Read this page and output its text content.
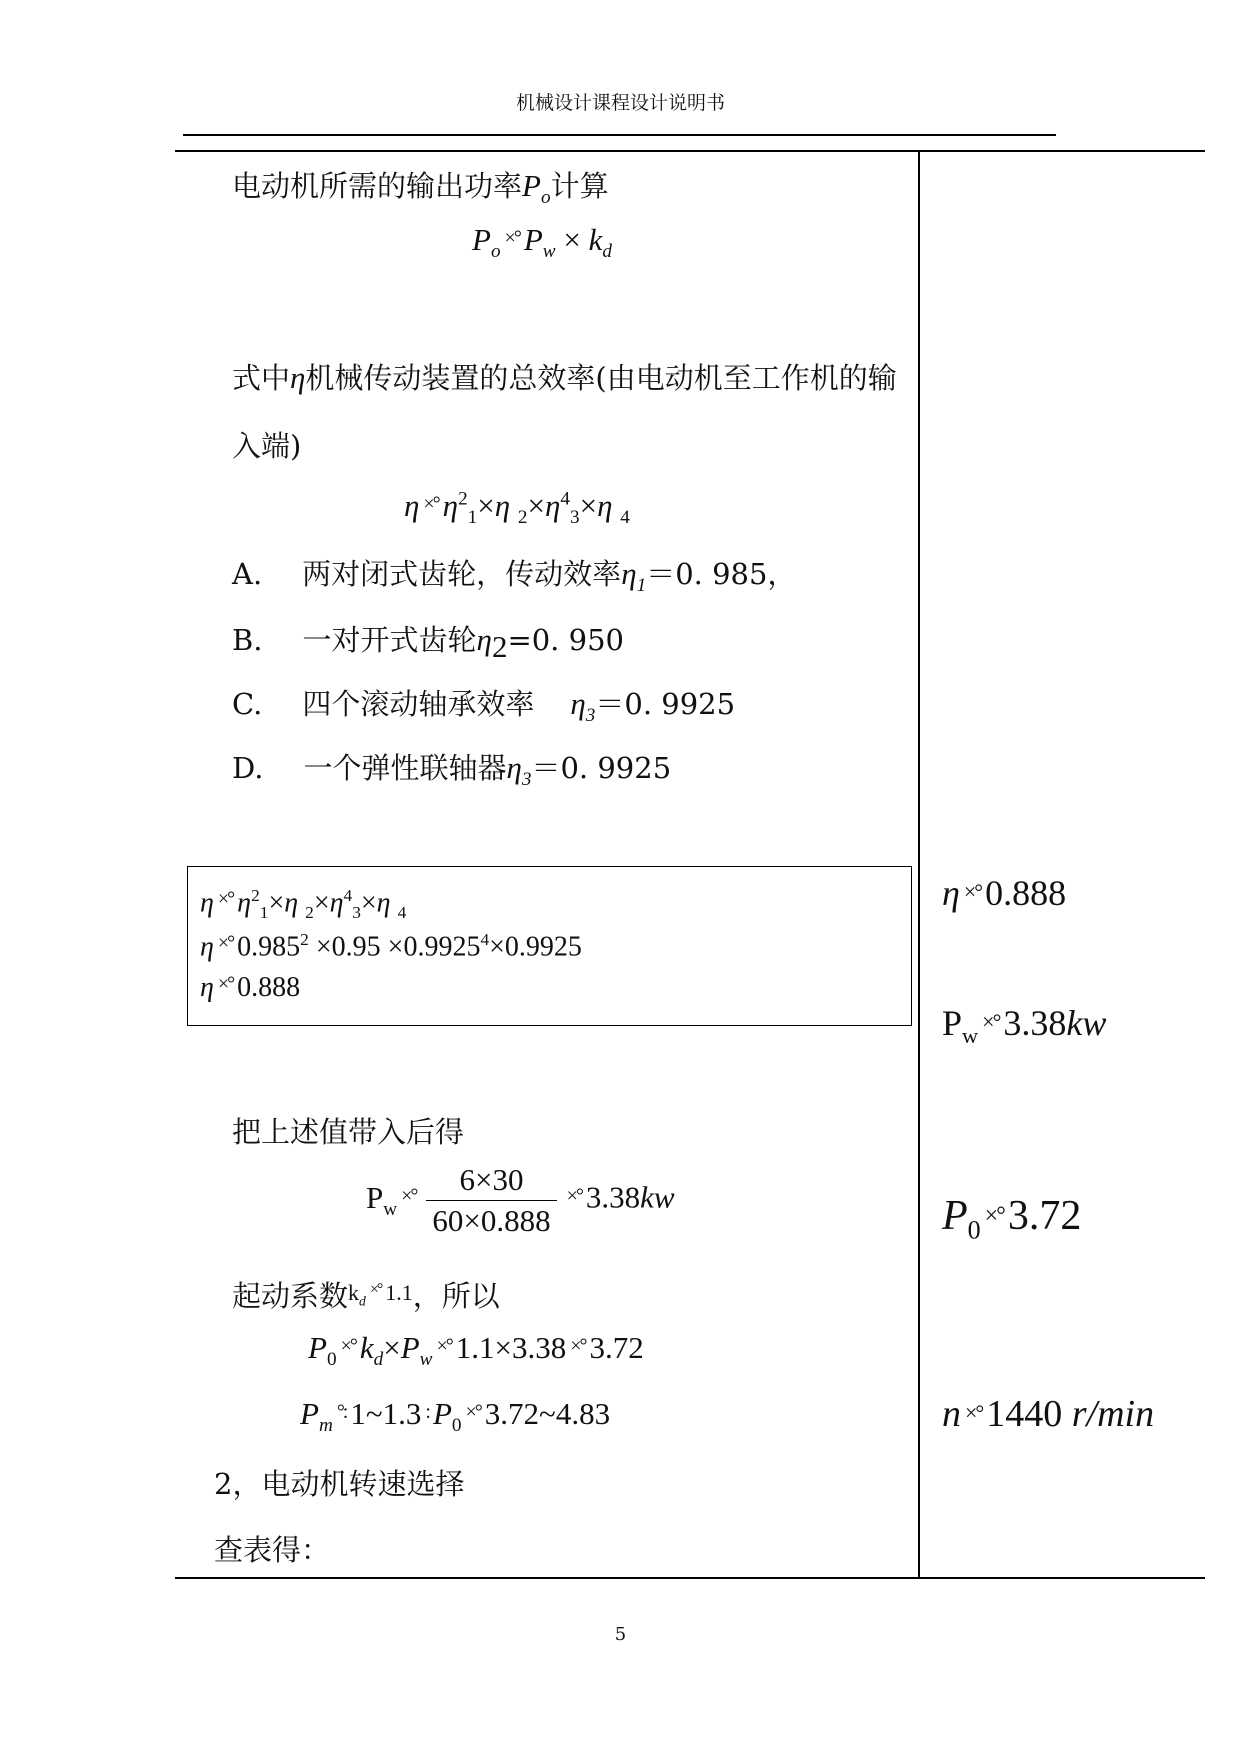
机械设计课程设计说明书
电动机所需的输出功率$P_o$计算
$P_o\times^\circ$ $P_w \times k_d$
式中η机械传动装置的总效率(由电动机至工作机的输
入端)
η ×° $\eta^2_1\times\eta$ $_2\times\eta^4_3\times\eta$ $_4$
A. 两对闭式齿轮，传动效率$\eta_1=0$. 985，
B. 一对开式齿轮$\eta_2=0$. 950
C. 四个滚动轴承效率 $\eta_3=0$. 9925
D. 一个弹性联轴器$\eta_3=0$. 9925
η ×° $\eta^2_1\times\eta$ $_2\times\eta^4_3\times\eta$ $_4$
η ×° $0.985^2 \times 0.95 \times 0.9925^4\times 0.9925$
η ×° 0.888
把上述值带入后得
$P_w\times^\circ \frac{6\times 30}{60\times 0.888}$ ×° 3.38kw
起动系数$^{k_d^{\times^\circ} 1.1}$，所以
$P_0\times^\circ$ $k_d\times P_w\times^\circ$ 1.1×3.38 ×° 3.72
$P_m^\circ$: 1~1.3 : $P_0\times^\circ$ 3.72~4.83
2，电动机转速选择
查表得：
η ×° 0.888
$P_w\times^\circ$ 3.38kw
$P_0 \times^\circ 3.72$
n ×° 1440 r/min
5
